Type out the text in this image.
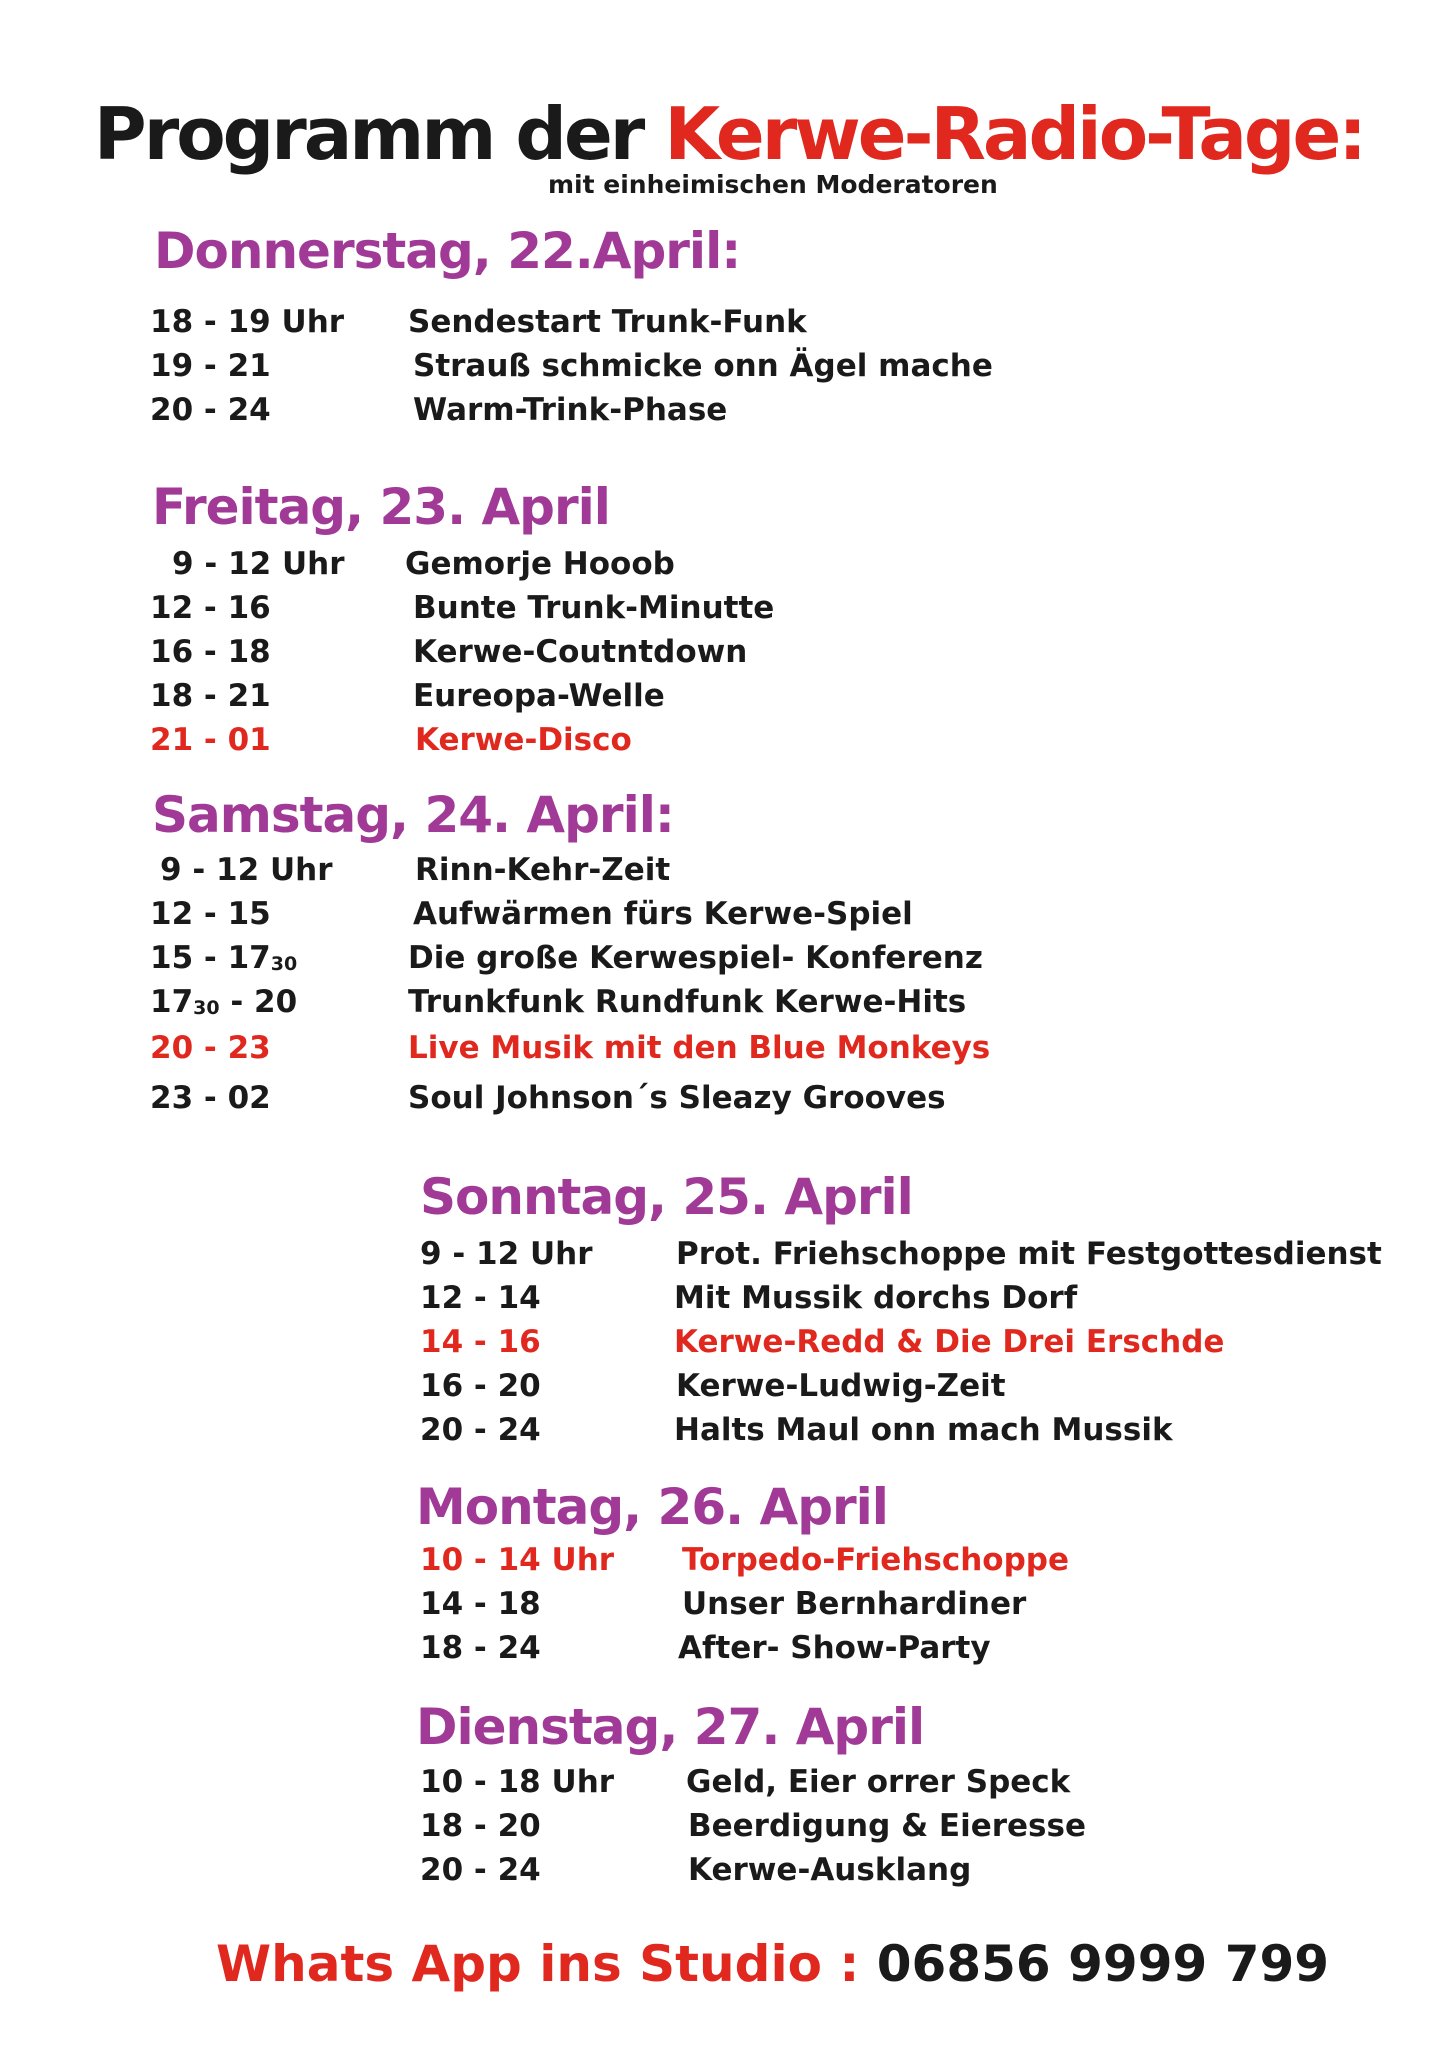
Programm der Kerwe-Radio-Tage:
mit einheimischen Moderatoren
Donnerstag, 22.April:
18 - 19 Uhr Sendestart Trunk-Funk
19 - 21	Strauß schmicke onn Ägel mache
20 - 24	Warm-Trink-Phase
Freitag, 23. April
9 - 12 Uhr Gemorje Hooob
12 - 16	Bunte Trunk-Minutte
16 - 18	Kerwe-Coutntdown
18 - 21	Eureopa-Welle
21 - 01	Kerwe-Disco
Samstag, 24. April:
9 - 12 Uhr	Rinn-Kehr-Zeit
12 - 15	Aufwärmen fürs Kerwe-Spiel
$15 - 17_{30}$	Die große Kerwespiel- Konferenz
$17_{30} - 20$	Trunkfunk Rundfunk Kerwe-Hits
20 - 23	Live Musik mit den Blue Monkeys
23 - 02	Soul Johnson´s Sleazy Grooves
Sonntag, 25. April
9 - 12 Uhr	Prot. Friehschoppe mit Festgottesdienst
12 - 14	Mit Mussik dorchs Dorf
14 - 16	Kerwe-Redd & Die Drei Erschde
16 - 20	Kerwe-Ludwig-Zeit
20 - 24	Halts Maul onn mach Mussik
Montag, 26. April
10 - 14 Uhr Torpedo-Friehschoppe
14 - 18	Unser Bernhardiner
18 - 24	After- Show-Party
Dienstag, 27. April
10 - 18 Uhr Geld, Eier orrer Speck
18 - 20	Beerdigung & Eieresse
20 - 24	Kerwe-Ausklang
Whats App ins Studio : 06856 9999 799
